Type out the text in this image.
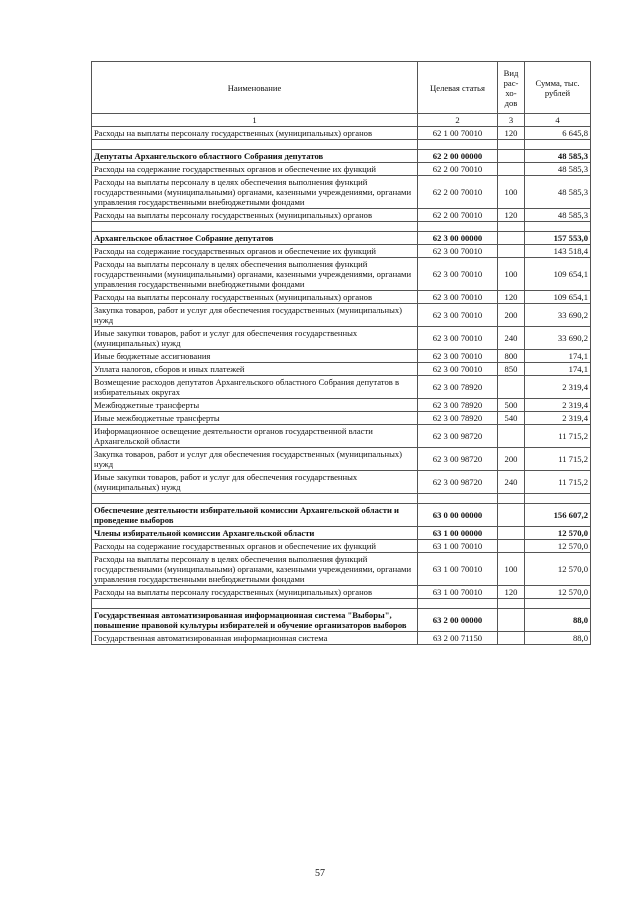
Наименование	Целевая статья	Вид рас-хо-дов	Сумма, тыс. рублей
1	2	3	4
Расходы на выплаты персоналу государственных (муниципальных) органов	62 1 00 70010	120	6 645,8

Депутаты Архангельского областного Собрания депутатов	62 2 00 00000		48 585,3
Расходы на содержание государственных органов и обеспечение их функций	62 2 00 70010		48 585,3
Расходы на выплаты персоналу в целях обеспечения выполнения функций государственными (муниципальными) органами, казенными учреждениями, органами управления государственными внебюджетными фондами	62 2 00 70010	100	48 585,3
Расходы на выплаты персоналу государственных (муниципальных) органов	62 2 00 70010	120	48 585,3

Архангельское областное Собрание депутатов	62 3 00 00000		157 553,0
Расходы на содержание государственных органов и обеспечение их функций	62 3 00 70010		143 518,4
Расходы на выплаты персоналу в целях обеспечения выполнения функций государственными (муниципальными) органами, казенными учреждениями, органами управления государственными внебюджетными фондами	62 3 00 70010	100	109 654,1
Расходы на выплаты персоналу государственных (муниципальных) органов	62 3 00 70010	120	109 654,1
Закупка товаров, работ и услуг для обеспечения государственных (муниципальных) нужд	62 3 00 70010	200	33 690,2
Иные закупки товаров, работ и услуг для обеспечения государственных (муниципальных) нужд	62 3 00 70010	240	33 690,2
Иные бюджетные ассигнования	62 3 00 70010	800	174,1
Уплата налогов, сборов и иных платежей	62 3 00 70010	850	174,1
Возмещение расходов депутатов Архангельского областного Собрания депутатов в избирательных округах	62 3 00 78920		2 319,4
Межбюджетные трансферты	62 3 00 78920	500	2 319,4
Иные межбюджетные трансферты	62 3 00 78920	540	2 319,4
Информационное освещение деятельности органов государственной власти Архангельской области	62 3 00 98720		11 715,2
Закупка товаров, работ и услуг для обеспечения государственных (муниципальных) нужд	62 3 00 98720	200	11 715,2
Иные закупки товаров, работ и услуг для обеспечения государственных (муниципальных) нужд	62 3 00 98720	240	11 715,2

Обеспечение деятельности избирательной комиссии Архангельской области и проведение выборов	63 0 00 00000		156 607,2
Члены избирательной комиссии Архангельской области	63 1 00 00000		12 570,0
Расходы на содержание государственных органов и обеспечение их функций	63 1 00 70010		12 570,0
Расходы на выплаты персоналу в целях обеспечения выполнения функций государственными (муниципальными) органами, казенными учреждениями, органами управления государственными внебюджетными фондами	63 1 00 70010	100	12 570,0
Расходы на выплаты персоналу государственных (муниципальных) органов	63 1 00 70010	120	12 570,0

Государственная автоматизированная информационная система "Выборы", повышение правовой культуры избирателей и обучение организаторов выборов	63 2 00 00000		88,0
Государственная автоматизированная информационная система	63 2 00 71150		88,0
57
